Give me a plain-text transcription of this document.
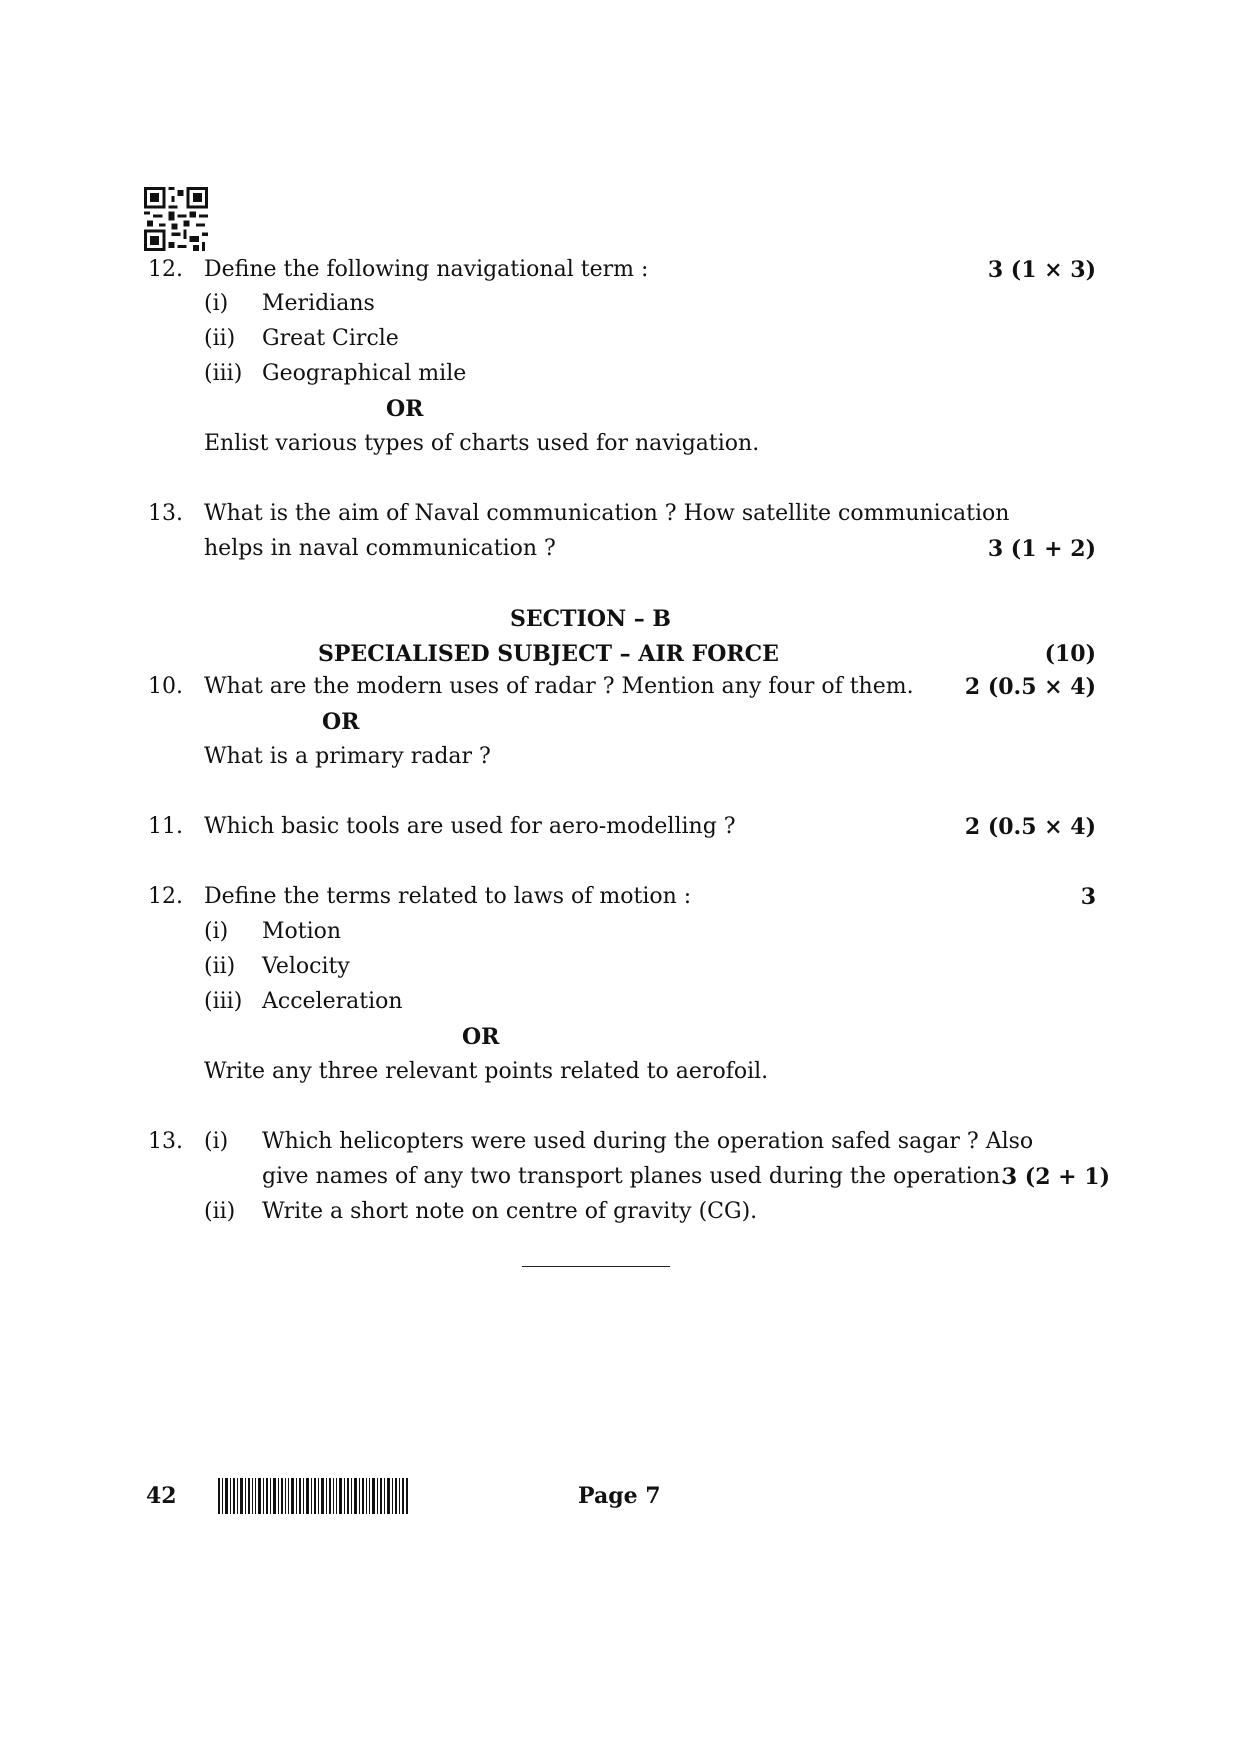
12. Define the following navigational term :	3 (1 × 3)
(i) Meridians
(ii) Great Circle
(iii) Geographical mile
OR
Enlist various types of charts used for navigation.
13. What is the aim of Naval communication ? How satellite communication
helps in naval communication ?	3 (1 + 2)
SECTION – B
SPECIALISED SUBJECT – AIR FORCE	(10)
10. What are the modern uses of radar ? Mention any four of them.	2 (0.5 × 4)
OR
What is a primary radar ?
11. Which basic tools are used for aero-modelling ?	2 (0.5 × 4)
12. Define the terms related to laws of motion :	3
(i) Motion
(ii) Velocity
(iii) Acceleration
OR
Write any three relevant points related to aerofoil.
13. (i) Which helicopters were used during the operation safed sagar ? Also
give names of any two transport planes used during the operation.
3 (2 + 1)
(ii) Write a short note on centre of gravity (CG).
42	Page 7
